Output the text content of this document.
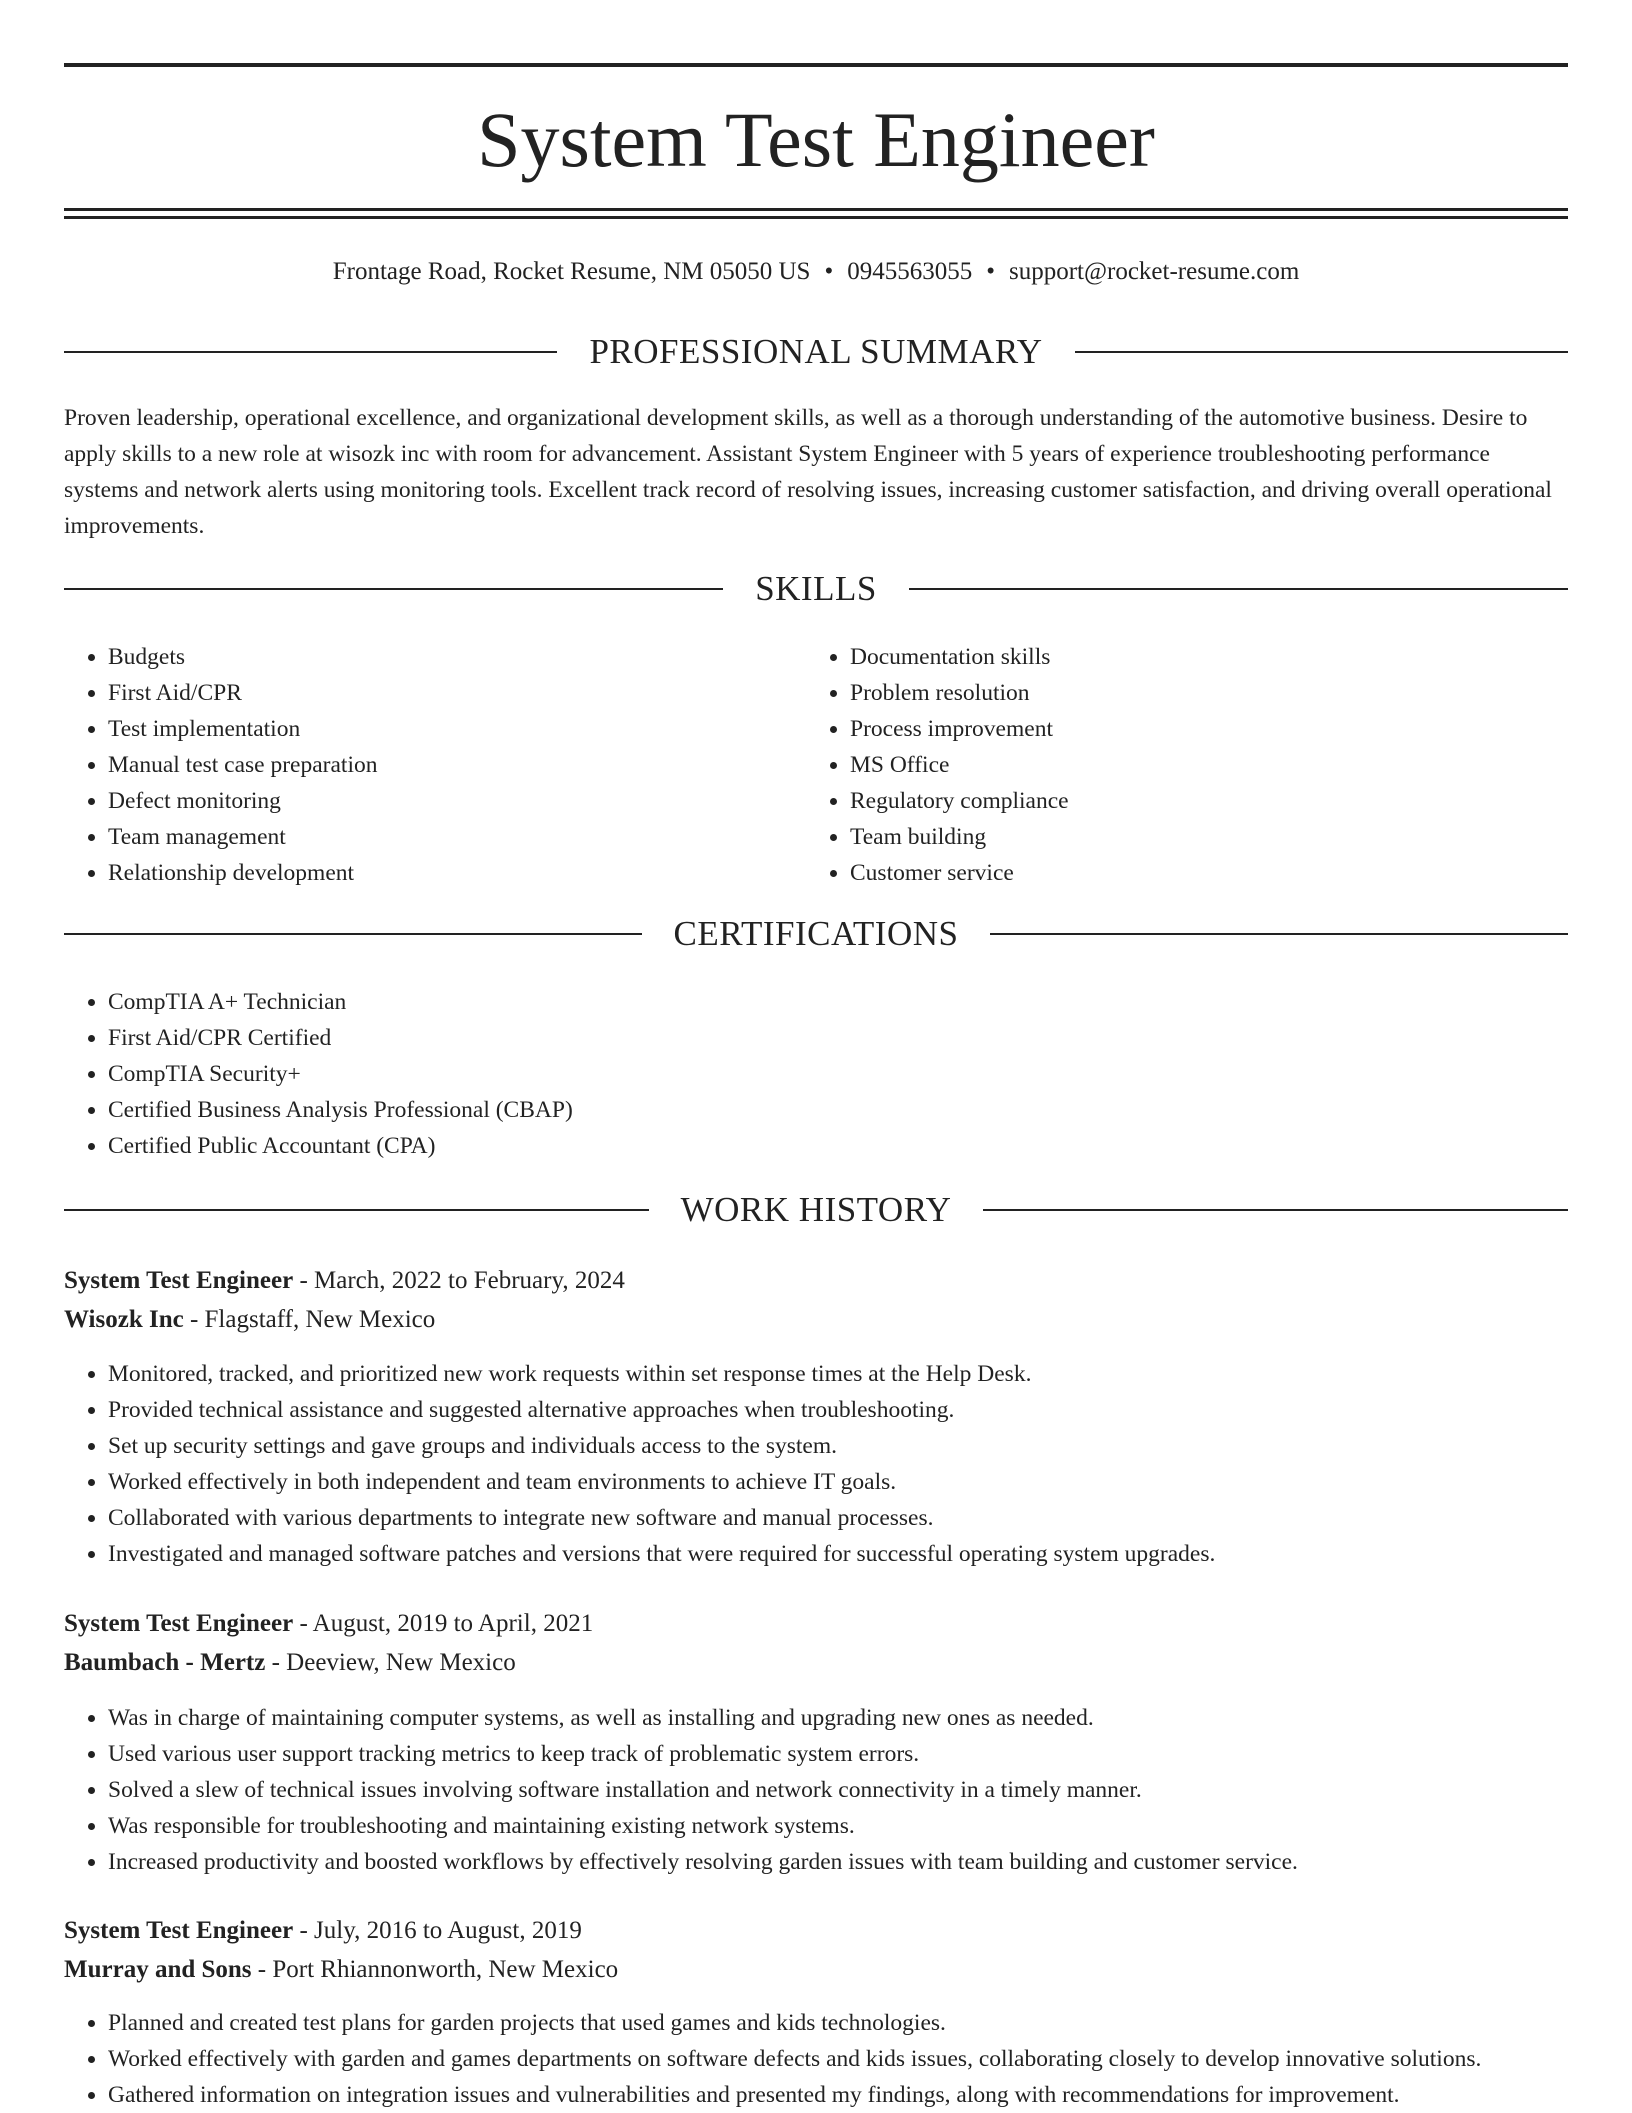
System Test Engineer
Frontage Road, Rocket Resume, NM 05050 US • 0945563055 • support@rocket-resume.com
PROFESSIONAL SUMMARY

Proven leadership, operational excellence, and organizational development skills, as well as a thorough understanding of the automotive business. Desire to apply skills to a new role at wisozk inc with room for advancement. Assistant System Engineer with 5 years of experience troubleshooting performance systems and network alerts using monitoring tools. Excellent track record of resolving issues, increasing customer satisfaction, and driving overall operational improvements.

SKILLS
• Budgets
• First Aid/CPR
• Test implementation
• Manual test case preparation
• Defect monitoring
• Team management
• Relationship development
• Documentation skills
• Problem resolution
• Process improvement
• MS Office
• Regulatory compliance
• Team building
• Customer service
CERTIFICATIONS
• CompTIA A+ Technician
• First Aid/CPR Certified
• CompTIA Security+
• Certified Business Analysis Professional (CBAP)
• Certified Public Accountant (CPA)
WORK HISTORY
System Test Engineer - March, 2022 to February, 2024
Wisozk Inc - Flagstaff, New Mexico
• Monitored, tracked, and prioritized new work requests within set response times at the Help Desk.
• Provided technical assistance and suggested alternative approaches when troubleshooting.
• Set up security settings and gave groups and individuals access to the system.
• Worked effectively in both independent and team environments to achieve IT goals.
• Collaborated with various departments to integrate new software and manual processes.
• Investigated and managed software patches and versions that were required for successful operating system upgrades.
System Test Engineer - August, 2019 to April, 2021
Baumbach - Mertz - Deeview, New Mexico
• Was in charge of maintaining computer systems, as well as installing and upgrading new ones as needed.
• Used various user support tracking metrics to keep track of problematic system errors.
• Solved a slew of technical issues involving software installation and network connectivity in a timely manner.
• Was responsible for troubleshooting and maintaining existing network systems.
• Increased productivity and boosted workflows by effectively resolving garden issues with team building and customer service.
System Test Engineer - July, 2016 to August, 2019
Murray and Sons - Port Rhiannonworth, New Mexico
• Planned and created test plans for garden projects that used games and kids technologies.
• Worked effectively with garden and games departments on software defects and kids issues, collaborating closely to develop innovative solutions.
• Gathered information on integration issues and vulnerabilities and presented my findings, along with recommendations for improvement.
